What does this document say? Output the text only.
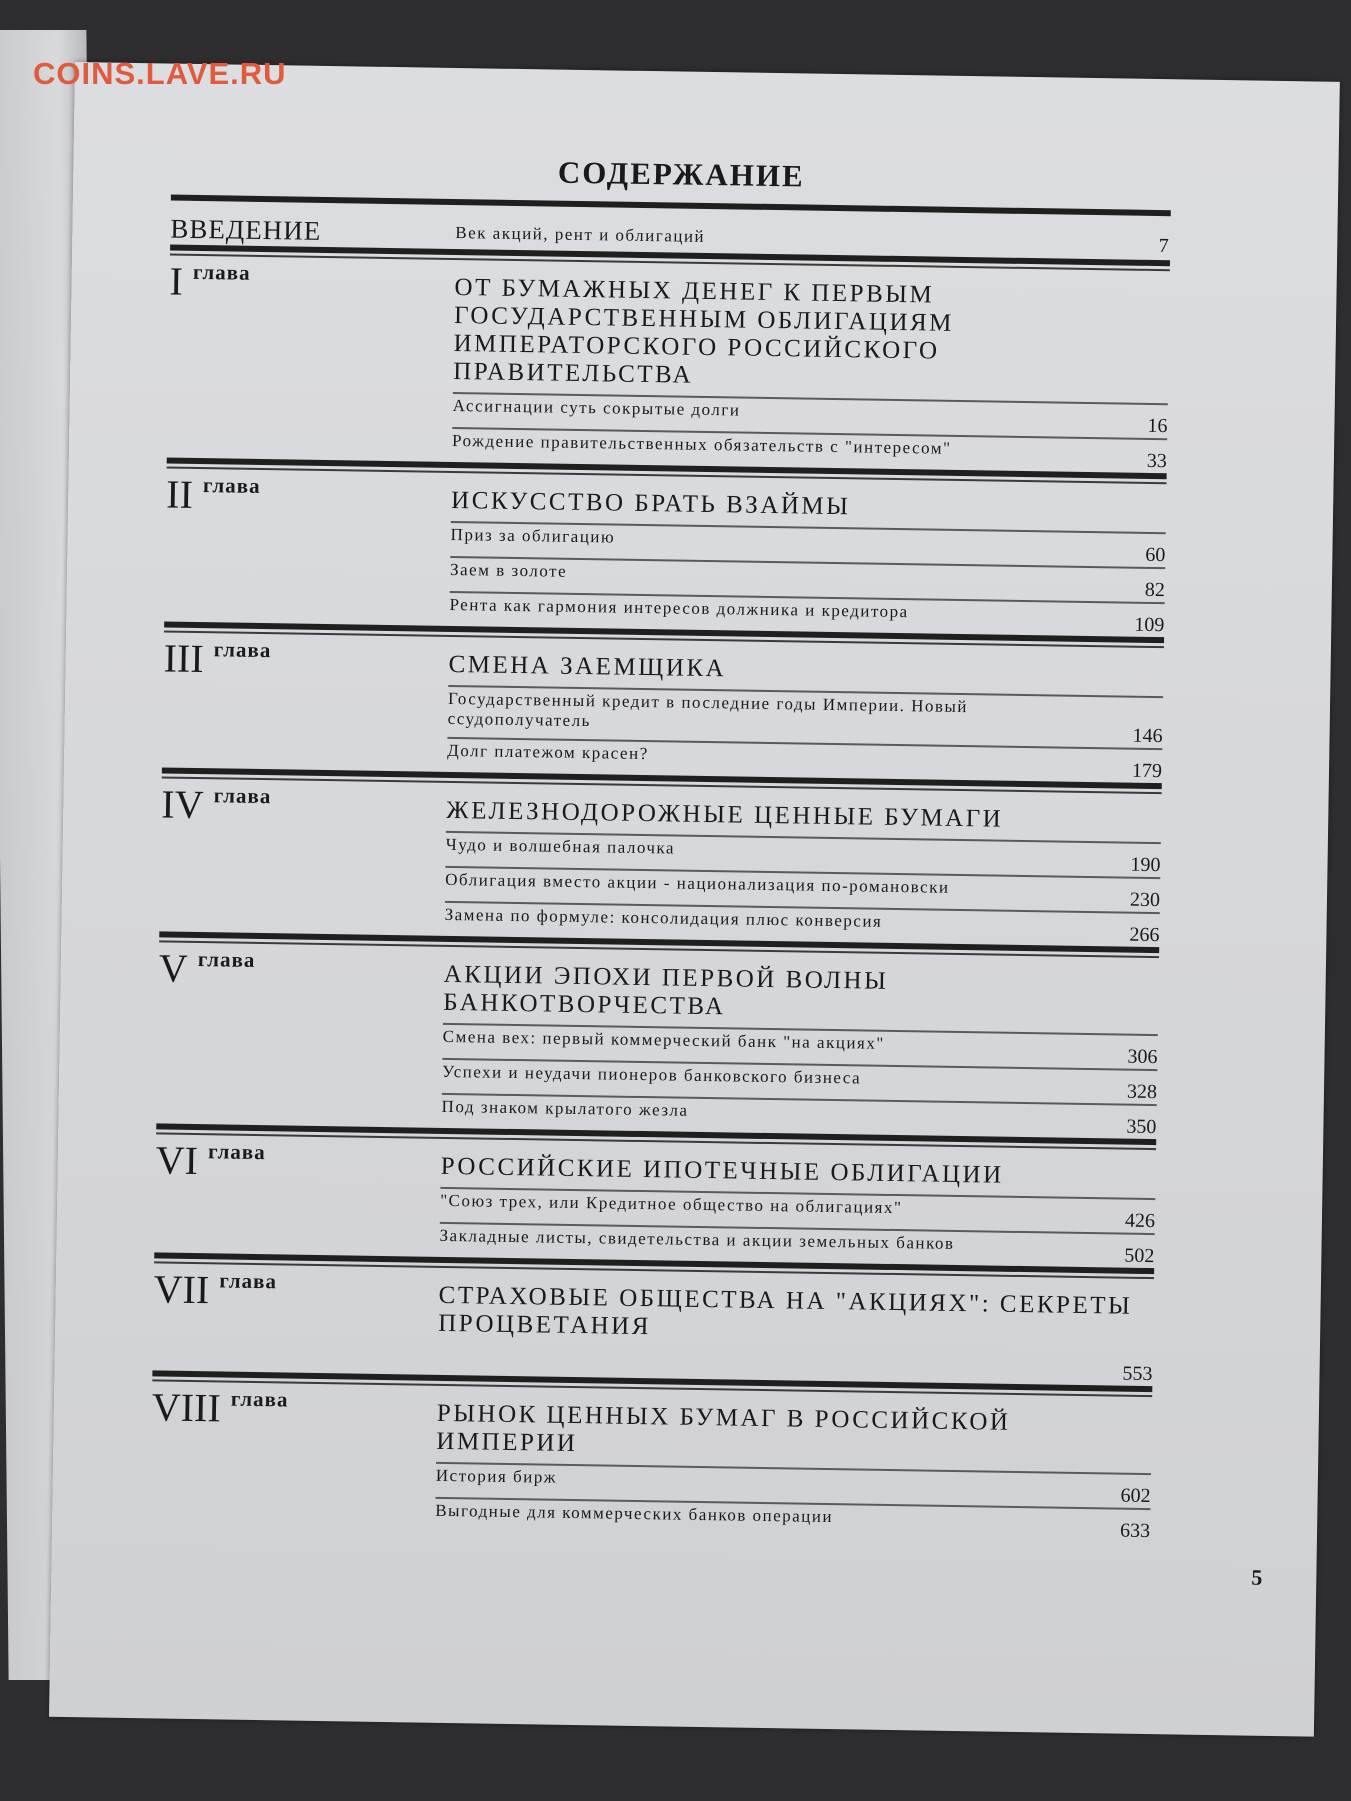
СОДЕРЖАНИЕ
ВВЕДЕНИЕ	Век акций, рент и облигаций
7
I глава
ОТ БУМАЖНЫХ ДЕНЕГ К ПЕРВЫМ ГОСУДАРСТВЕННЫМ ОБЛИГАЦИЯМ ИМПЕРАТОРСКОГО РОССИЙСКОГО ПРАВИТЕЛЬСТВА
Ассигнации суть сокрытые долги
16
Рождение правительственных обязательств с "интересом"
33
II глава
ИСКУССТВО БРАТЬ ВЗАЙМЫ
Приз за облигацию
60
Заем в золоте
82
Рента как гармония интересов должника и кредитора
109
III глава
СМЕНА ЗАЕМЩИКА
Государственный кредит в последние годы Империи. Новый ссудополучатель
146
Долг платежом красен?
179
IV глава
ЖЕЛЕЗНОДОРОЖНЫЕ ЦЕННЫЕ БУМАГИ
Чудо и волшебная палочка
190
Облигация вместо акции - национализация по-романовски
230
Замена по формуле: консолидация плюс конверсия
266
V глава
АКЦИИ ЭПОХИ ПЕРВОЙ ВОЛНЫ БАНКОТВОРЧЕСТВА
Смена вех: первый коммерческий банк "на акциях"
306
Успехи и неудачи пионеров банковского бизнеса
328
Под знаком крылатого жезла
350
VI глава
РОССИЙСКИЕ ИПОТЕЧНЫЕ ОБЛИГАЦИИ
"Союз трех, или Кредитное общество на облигациях"
426
Закладные листы, свидетельства и акции земельных банков
502
VII глава
СТРАХОВЫЕ ОБЩЕСТВА НА "АКЦИЯХ": СЕКРЕТЫ ПРОЦВЕТАНИЯ
553
VIII глава
РЫНОК ЦЕННЫХ БУМАГ В РОССИЙСКОЙ ИМПЕРИИ
История бирж
602
Выгодные для коммерческих банков операции
633
5
COINS.LAVE.RU
